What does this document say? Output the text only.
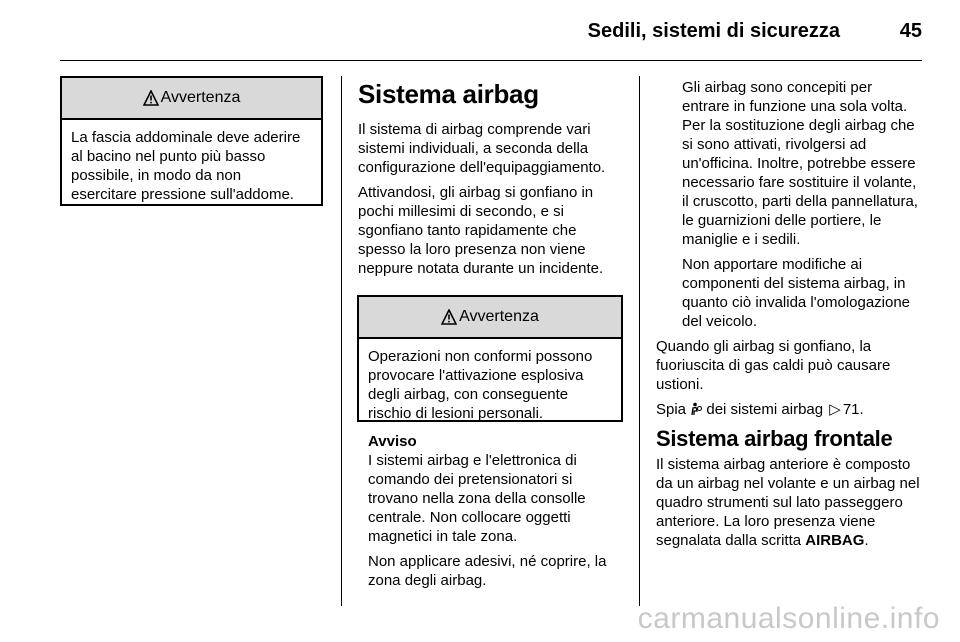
Sedili, sistemi di sicurezza	45
Avvertenza
La fascia addominale deve aderire al bacino nel punto più basso possibile, in modo da non esercitare pressione sull'addome.
Sistema airbag

Il sistema di airbag comprende vari sistemi individuali, a seconda della configurazione dell'equipaggiamento.

Attivandosi, gli airbag si gonfiano in pochi millesimi di secondo, e si sgonfiano tanto rapidamente che spesso la loro presenza non viene neppure notata durante un incidente.

Avvertenza
Operazioni non conformi possono provocare l'attivazione esplosiva degli airbag, con conseguente rischio di lesioni personali.
Avviso

I sistemi airbag e l'elettronica di comando dei pretensionatori si trovano nella zona della consolle centrale. Non collocare oggetti magnetici in tale zona.

Non applicare adesivi, né coprire, la zona degli airbag.

Gli airbag sono concepiti per entrare in funzione una sola volta. Per la sostituzione degli airbag che si sono attivati, rivolgersi ad un'officina. Inoltre, potrebbe essere necessario fare sostituire il volante, il cruscotto, parti della pannellatura, le guarnizioni delle portiere, le maniglie e i sedili.

Non apportare modifiche ai componenti del sistema airbag, in quanto ciò invalida l'omologazione del veicolo.

Quando gli airbag si gonfiano, la fuoriuscita di gas caldi può causare ustioni.

Spia dei sistemi airbag ▷ 71.

Sistema airbag frontale

Il sistema airbag anteriore è composto da un airbag nel volante e un airbag nel quadro strumenti sul lato passeggero anteriore. La loro presenza viene segnalata dalla scritta AIRBAG.

carmanualsonline.info
